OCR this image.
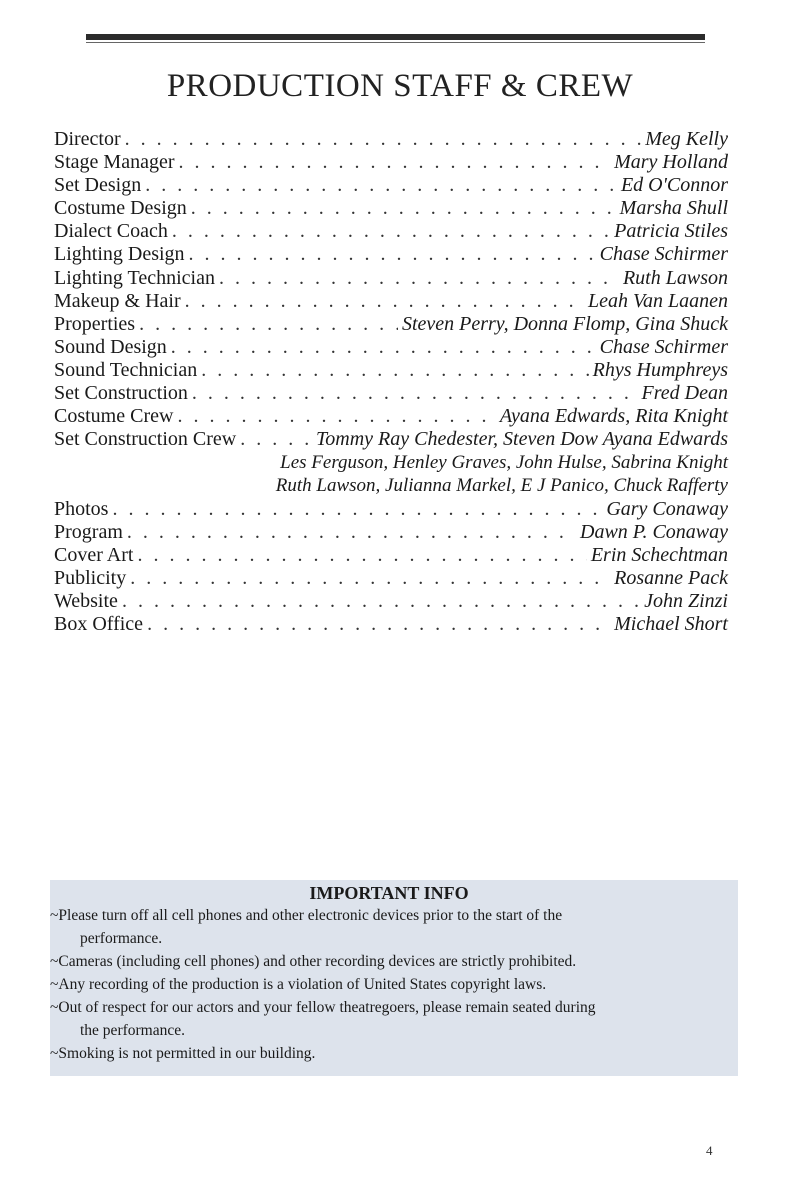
PRODUCTION STAFF & CREW
Director . . .	Meg Kelly
Stage Manager . . .	Mary Holland
Set Design . . .	Ed O'Connor
Costume Design . . .	Marsha Shull
Dialect Coach . . .	Patricia Stiles
Lighting Design . . .	Chase Schirmer
Lighting Technician . . .	Ruth Lawson
Makeup & Hair . . .	Leah Van Laanen
Properties . . .	Steven Perry, Donna Flomp, Gina Shuck
Sound Design . . .	Chase Schirmer
Sound Technician . . .	Rhys Humphreys
Set Construction . . .	Fred Dean
Costume Crew . . .	Ayana Edwards, Rita Knight
Set Construction Crew . . .	Tommy Ray Chedester, Steven Dow Ayana Edwards
Les Ferguson, Henley Graves, John Hulse, Sabrina Knight
Ruth Lawson, Julianna Markel, E J Panico, Chuck Rafferty
Photos . . .	Gary Conaway
Program . . .	Dawn P. Conaway
Cover Art . . .	Erin Schechtman
Publicity . . .	Rosanne Pack
Website . . .	John Zinzi
Box Office . . .	Michael Short
IMPORTANT INFO
~Please turn off all cell phones and other electronic devices prior to the start of the
performance.
~Cameras (including cell phones) and other recording devices are strictly prohibited.
~Any recording of the production is a violation of United States copyright laws.
~Out of respect for our actors and your fellow theatregoers, please remain seated during
the performance.
~Smoking is not permitted in our building.
4
